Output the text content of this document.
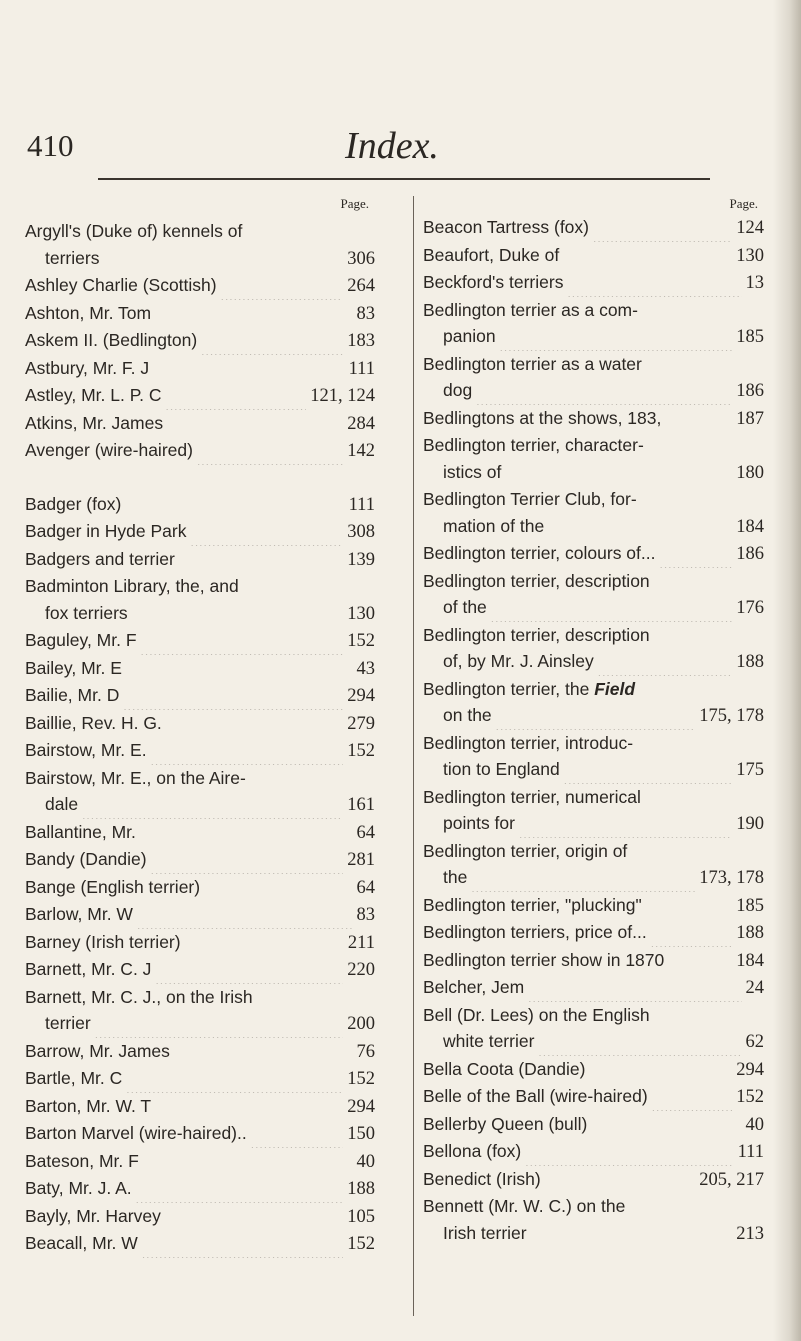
410	Index.
Page.
Argyll's (Duke of) kennels of
terriers .....	306
Ashley Charlie (Scottish) .....	264
Ashton, Mr. Tom .....	83
Askem II. (Bedlington) .....	183
Astbury, Mr. F. J .....	111
Astley, Mr. L. P. C .....	121, 124
Atkins, Mr. James .....	284
Avenger (wire-haired) .....	142
Badger (fox) .....	111
Badger in Hyde Park .....	308
Badgers and terrier .....	139
Badminton Library, the, and
fox terriers .....	130
Baguley, Mr. F .....	152
Bailey, Mr. E .....	43
Bailie, Mr. D .....	294
Baillie, Rev. H. G. .....	279
Bairstow, Mr. E. .....	152
Bairstow, Mr. E., on the Aire-
dale .....	161
Ballantine, Mr. .....	64
Bandy (Dandie) .....	281
Bange (English terrier) .....	64
Barlow, Mr. W .....	83
Barney (Irish terrier) .....	211
Barnett, Mr. C. J .....	220
Barnett, Mr. C. J., on the Irish
terrier .....	200
Barrow, Mr. James .....	76
Bartle, Mr. C .....	152
Barton, Mr. W. T .....	294
Barton Marvel (wire-haired).. .....	150
Bateson, Mr. F .....	40
Baty, Mr. J. A. .....	188
Bayly, Mr. Harvey .....	105
Beacall, Mr. W .....	152
Page.
Beacon Tartress (fox) .....	124
Beaufort, Duke of .....	130
Beckford's terriers .....	13
Bedlington terrier as a com-
panion .....	185
Bedlington terrier as a water
dog .....	186
Bedlingtons at the shows, 183, .....	187
Bedlington terrier, character-
istics of .....	180
Bedlington Terrier Club, for-
mation of the .....	184
Bedlington terrier, colours of... .....	186
Bedlington terrier, description
of the .....	176
Bedlington terrier, description
of, by Mr. J. Ainsley .....	188
Bedlington terrier, the Field
on the .....	175, 178
Bedlington terrier, introduc-
tion to England .....	175
Bedlington terrier, numerical
points for .....	190
Bedlington terrier, origin of
the .....	173, 178
Bedlington terrier, "plucking" .....	185
Bedlington terriers, price of... .....	188
Bedlington terrier show in 1870 .....	184
Belcher, Jem .....	24
Bell (Dr. Lees) on the English
white terrier .....	62
Bella Coota (Dandie) .....	294
Belle of the Ball (wire-haired) .....	152
Bellerby Queen (bull) .....	40
Bellona (fox) .....	111
Benedict (Irish) .....	205, 217
Bennett (Mr. W. C.) on the
Irish terrier .....	213
